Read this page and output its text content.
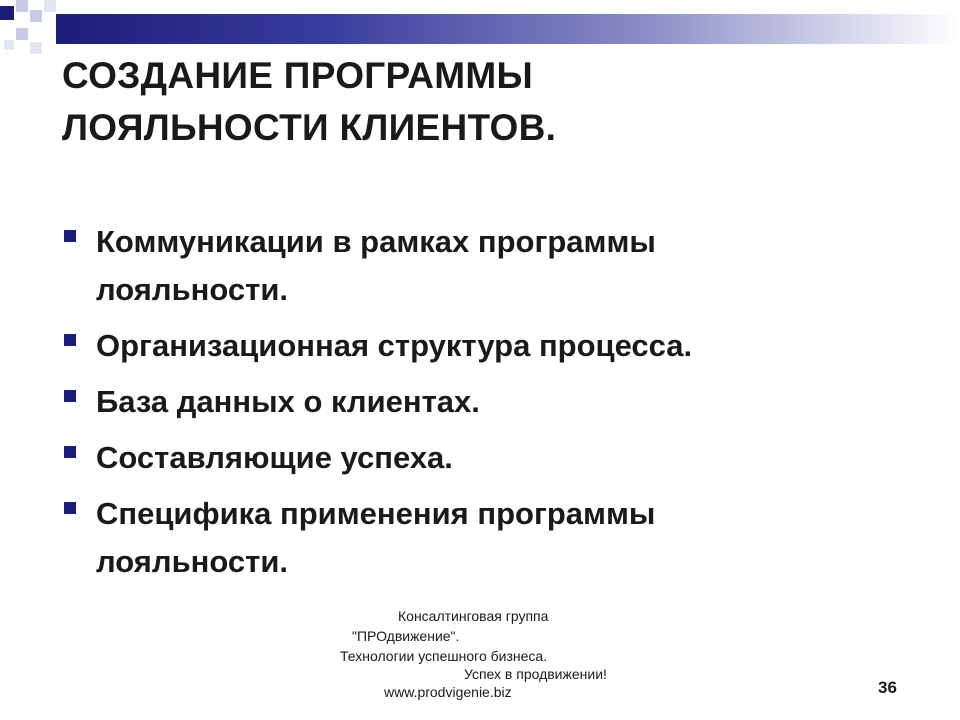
СОЗДАНИЕ ПРОГРАММЫ
ЛОЯЛЬНОСТИ КЛИЕНТОВ.
Коммуникации в рамках программы
лояльности.
Организационная структура процесса.
База данных о клиентах.
Составляющие успеха.
Специфика применения программы
лояльности.
Консалтинговая группа
"ПРОдвижение".
Технологии успешного бизнеса.
Успех в продвижении!
www.prodvigenie.biz	36
